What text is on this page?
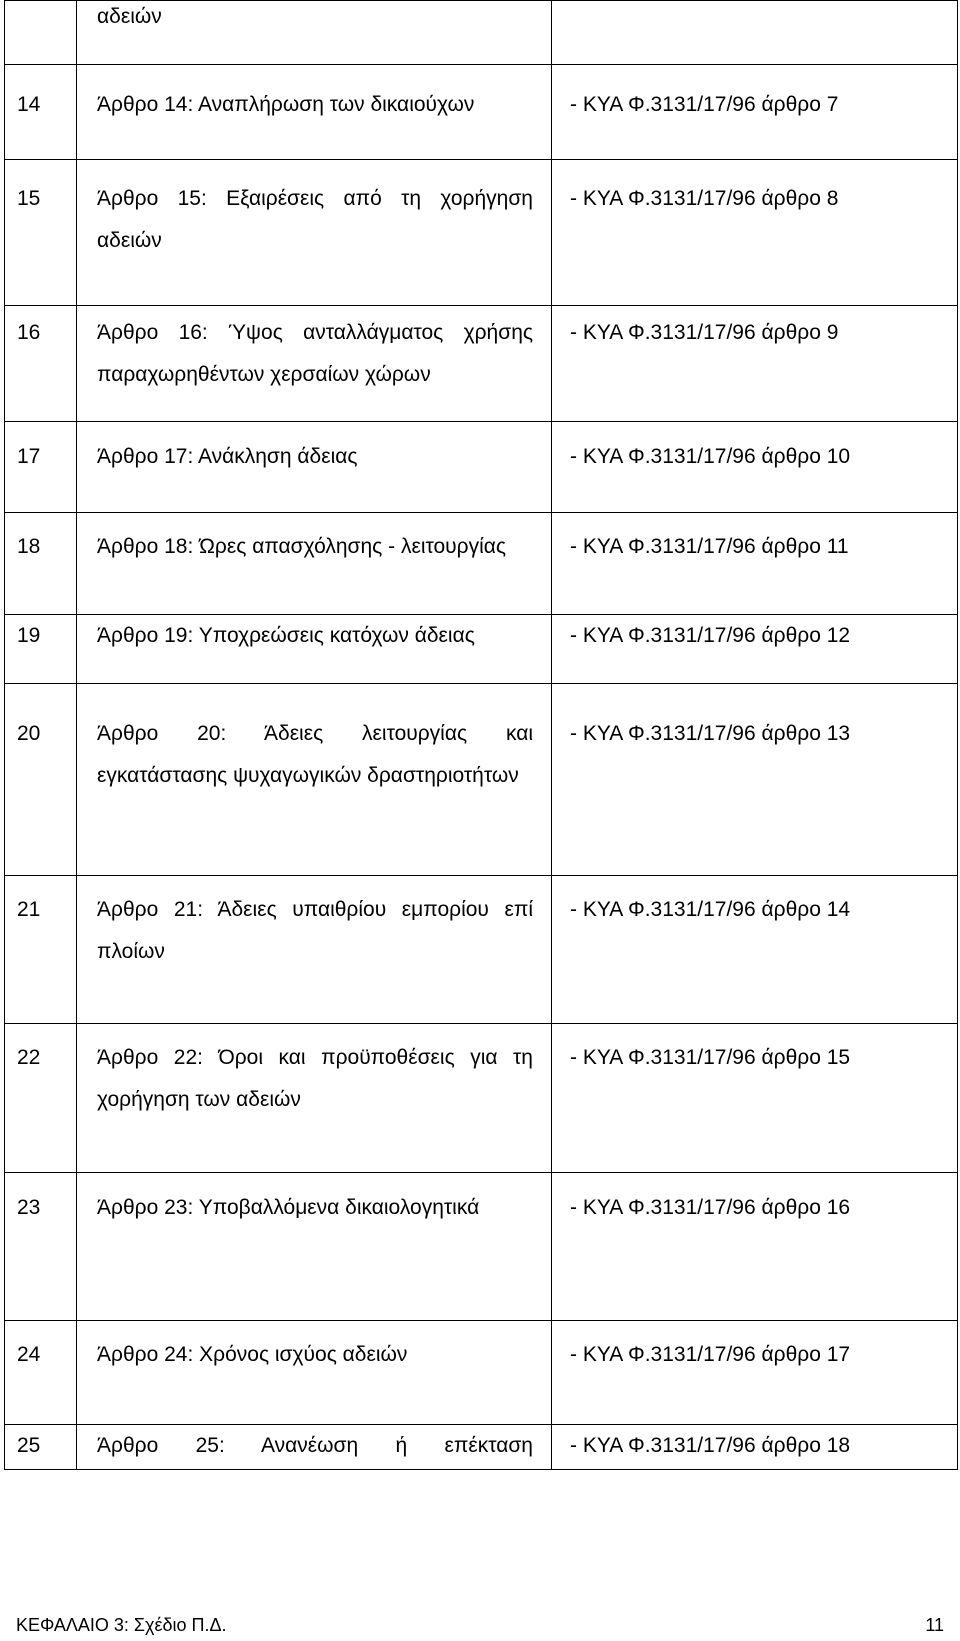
	αδειών	
14	Άρθρο 14: Αναπλήρωση των δικαιούχων	- ΚΥΑ Φ.3131/17/96 άρθρο 7
15	Άρθρο 15: Εξαιρέσεις από τη χορήγηση αδειών	- ΚΥΑ Φ.3131/17/96 άρθρο 8
16	Άρθρο 16: Ύψος ανταλλάγματος χρήσης παραχωρηθέντων χερσαίων χώρων	- ΚΥΑ Φ.3131/17/96 άρθρο 9
17	Άρθρο 17: Ανάκληση άδειας	- ΚΥΑ Φ.3131/17/96 άρθρο 10
18	Άρθρο 18: Ώρες απασχόλησης - λειτουργίας	- ΚΥΑ Φ.3131/17/96 άρθρο 11
19	Άρθρο 19: Υποχρεώσεις κατόχων άδειας	- ΚΥΑ Φ.3131/17/96 άρθρο 12
20	Άρθρο 20: Άδειες λειτουργίας και εγκατάστασης ψυχαγωγικών δραστηριοτήτων	- ΚΥΑ Φ.3131/17/96 άρθρο 13
21	Άρθρο 21: Άδειες υπαιθρίου εμπορίου επί πλοίων	- ΚΥΑ Φ.3131/17/96 άρθρο 14
22	Άρθρο 22: Όροι και προϋποθέσεις για τη χορήγηση των αδειών	- ΚΥΑ Φ.3131/17/96 άρθρο 15
23	Άρθρο 23: Υποβαλλόμενα δικαιολογητικά	- ΚΥΑ Φ.3131/17/96 άρθρο 16
24	Άρθρο 24: Χρόνος ισχύος αδειών	- ΚΥΑ Φ.3131/17/96 άρθρο 17
25	Άρθρο 25: Ανανέωση ή επέκταση	- ΚΥΑ Φ.3131/17/96 άρθρο 18
ΚΕΦΑΛΑΙΟ 3: Σχέδιο Π.Δ.	11
